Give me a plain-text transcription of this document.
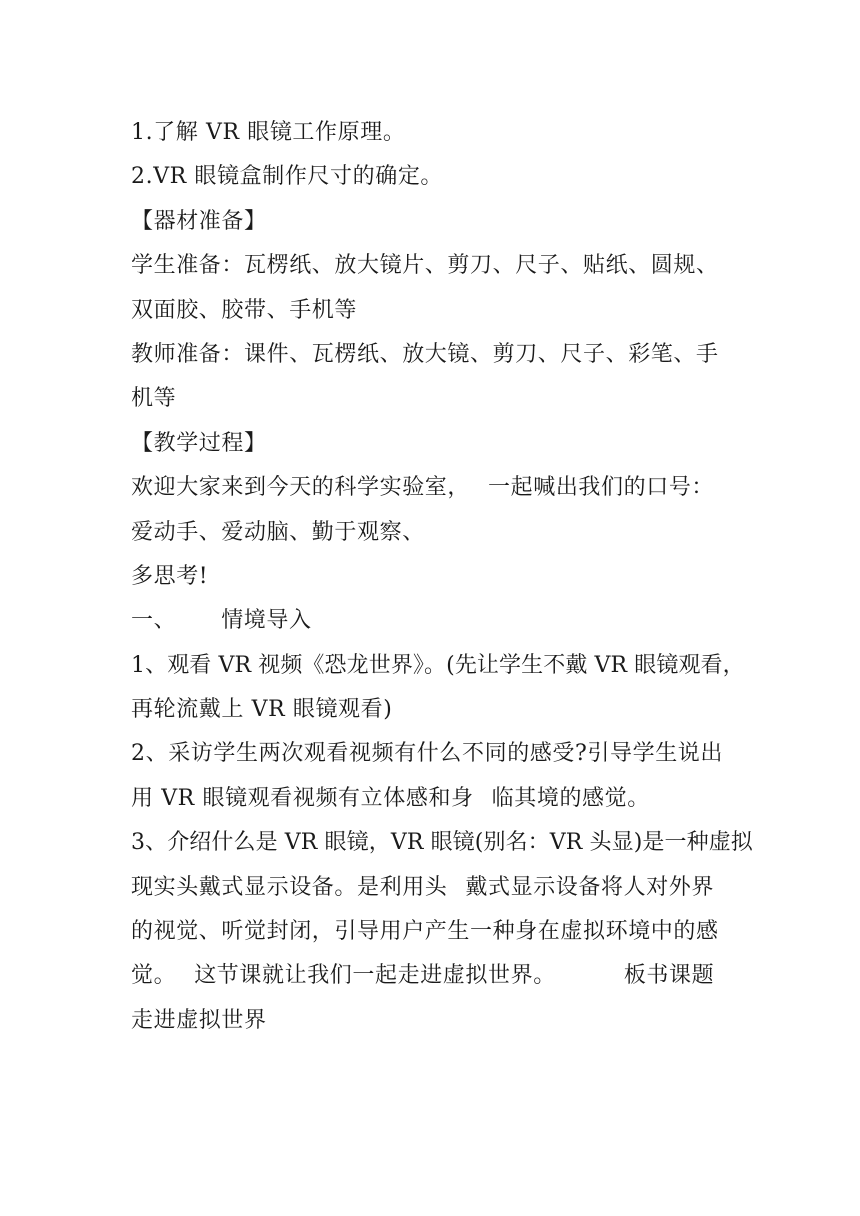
1.了解 VR 眼镜工作原理。
2.VR 眼镜盒制作尺寸的确定。
【器材准备】
学生准备：瓦楞纸、放大镜片、剪刀、尺子、贴纸、圆规、
双面胶、胶带、手机等
教师准备：课件、瓦楞纸、放大镜、剪刀、尺子、彩笔、手
机等
【教学过程】
欢迎大家来到今天的科学实验室， 一起喊出我们的口号：
爱动手、爱动脑、勤于观察、
多思考!
一、 情境导入
1、观看 VR 视频《恐龙世界》。(先让学生不戴 VR 眼镜观看，
再轮流戴上 VR 眼镜观看)
2、采访学生两次观看视频有什么不同的感受?引导学生说出
用 VR 眼镜观看视频有立体感和身 临其境的感觉。
3、介绍什么是 VR 眼镜，VR 眼镜(别名：VR 头显)是一种虚拟
现实头戴式显示设备。是利用头 戴式显示设备将人对外界
的视觉、听觉封闭，引导用户产生一种身在虚拟环境中的感
觉。 这节课就让我们一起走进虚拟世界。	板书课题
走进虚拟世界
